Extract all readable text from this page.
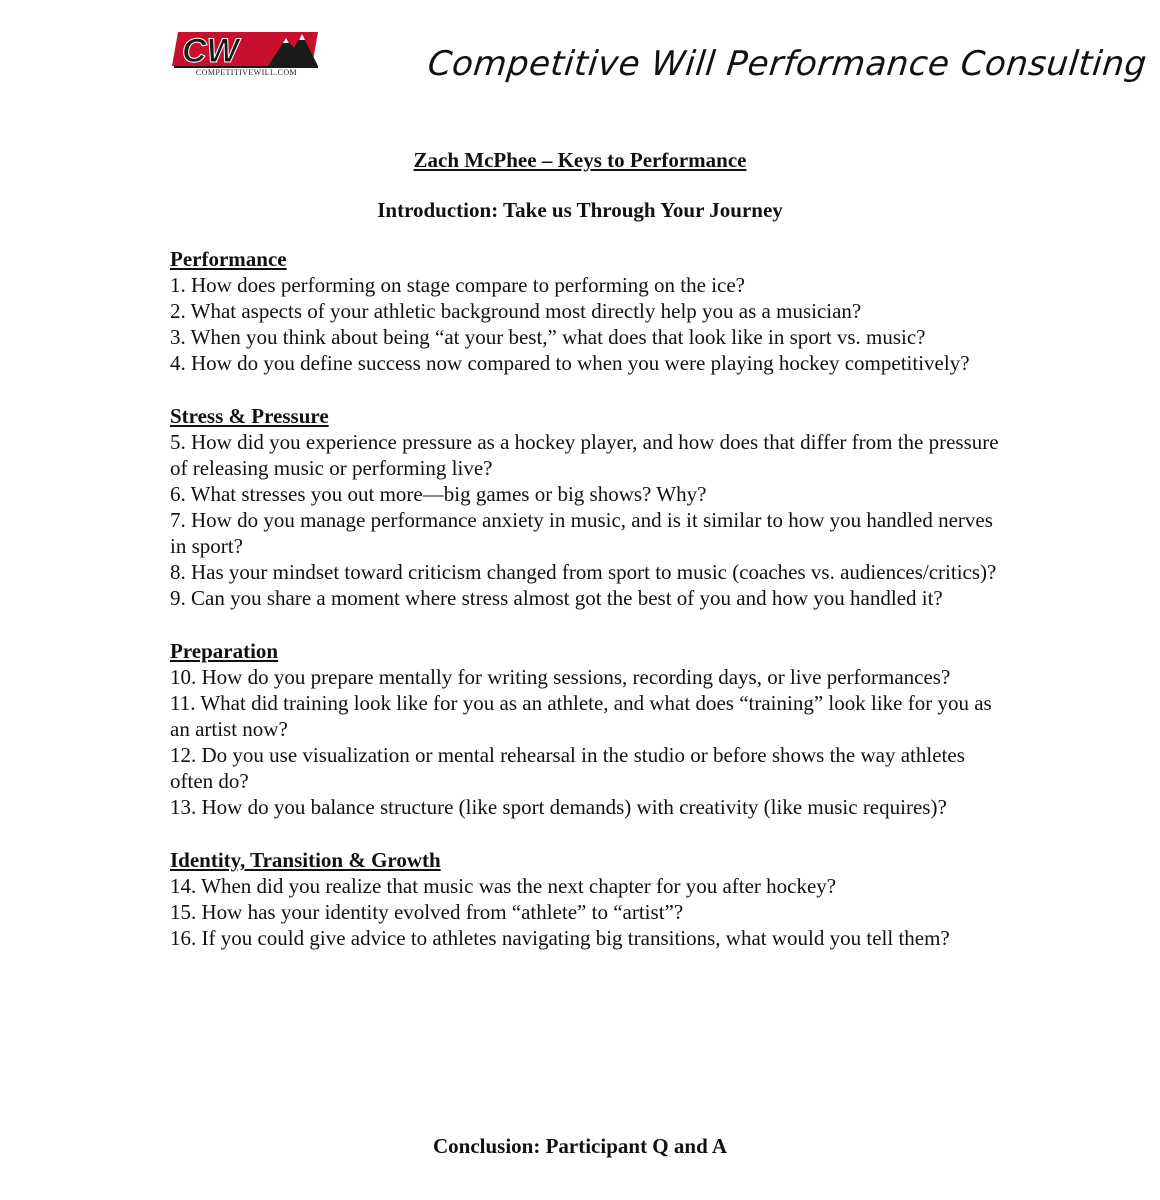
CW
COMPETITIVEWILL.COM	Competitive Will Performance Consulting
Zach McPhee – Keys to Performance
Introduction: Take us Through Your Journey
Performance
1. How does performing on stage compare to performing on the ice?
2. What aspects of your athletic background most directly help you as a musician?
3. When you think about being “at your best,” what does that look like in sport vs. music?
4. How do you define success now compared to when you were playing hockey competitively?
Stress & Pressure
5. How did you experience pressure as a hockey player, and how does that differ from the pressure of releasing music or performing live?
6. What stresses you out more—big games or big shows? Why?
7. How do you manage performance anxiety in music, and is it similar to how you handled nerves in sport?
8. Has your mindset toward criticism changed from sport to music (coaches vs. audiences/critics)?
9. Can you share a moment where stress almost got the best of you and how you handled it?
Preparation
10. How do you prepare mentally for writing sessions, recording days, or live performances?
11. What did training look like for you as an athlete, and what does “training” look like for you as an artist now?
12. Do you use visualization or mental rehearsal in the studio or before shows the way athletes often do?
13. How do you balance structure (like sport demands) with creativity (like music requires)?
Identity, Transition & Growth
14. When did you realize that music was the next chapter for you after hockey?
15. How has your identity evolved from “athlete” to “artist”?
16. If you could give advice to athletes navigating big transitions, what would you tell them?
Conclusion: Participant Q and A
